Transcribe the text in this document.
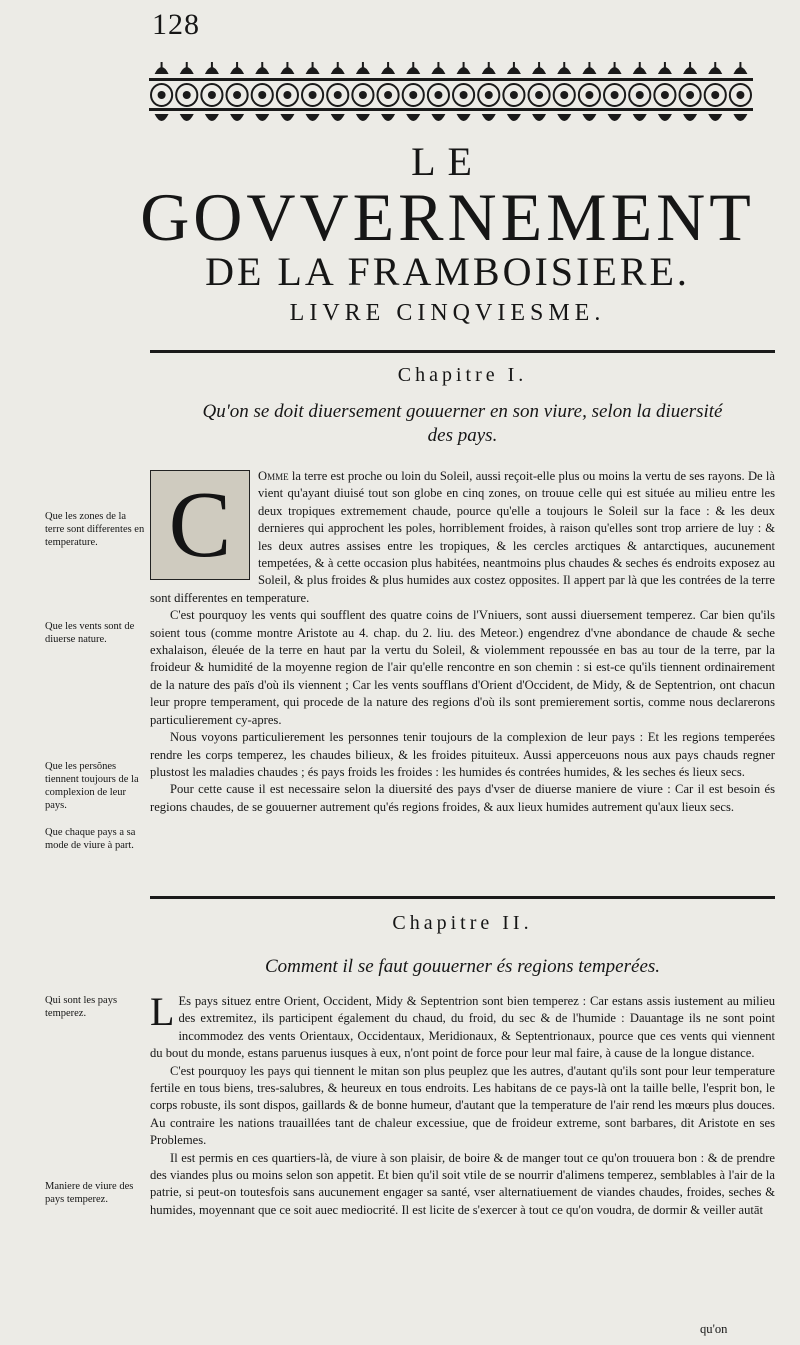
128
LE
GOVVERNEMENT
DE LA FRAMBOISIERE.
LIVRE CINQVIESME.
Chapitre I.
Qu'on se doit diuersement gouuerner en son viure, selon la diuersité
des pays.
Que les zones de la terre sont differentes en temperature.
Que les vents sont de diuerse nature.
Que les persõnes tiennent toujours de la complexion de leur pays.
Que chaque pays a sa mode de viure à part.

C	Omme la terre est proche ou loin du Soleil, aussi reçoit-elle plus ou moins la vertu de ses rayons. De là vient qu'ayant diuisé tout son globe en cinq zones, on trouue celle qui est située au milieu entre les deux tropiques extremement chaude, pource qu'elle a toujours le Soleil sur la face : & les deux dernieres qui approchent les poles, horriblement froides, à raison qu'elles sont trop arriere de luy : & les deux autres assises entre les tropiques, & les cercles arctiques & antarctiques, aucunement tempetées, & à cette occasion plus habitées, neantmoins plus chaudes & seches és endroits exposez au Soleil, & plus froides & plus humides aux costez opposites. Il appert par là que les contrées de la terre sont differentes en temperature.

C'est pourquoy les vents qui soufflent des quatre coins de l'Vniuers, sont aussi diuersement temperez. Car bien qu'ils soient tous (comme montre Aristote au 4. chap. du 2. liu. des Meteor.) engendrez d'vne abondance de chaude & seche exhalaison, éleuée de la terre en haut par la vertu du Soleil, & violemment repoussée en bas au tour de la terre, par la froideur & humidité de la moyenne region de l'air qu'elle rencontre en son chemin : si est-ce qu'ils tiennent ordinairement de la nature des païs d'où ils viennent ; Car les vents soufflans d'Orient d'Occident, de Midy, & de Septentrion, ont chacun leur propre temperament, qui procede de la nature des regions d'où ils sont premierement sortis, comme nous declarerons particulierement cy-apres.

Nous voyons particulierement les personnes tenir toujours de la complexion de leur pays : Et les regions temperées rendre les corps temperez, les chaudes bilieux, & les froides pituiteux. Aussi apperceuons nous aux pays chauds regner plustost les maladies chaudes ; és pays froids les froides : les humides és contrées humides, & les seches és lieux secs.

Pour cette cause il est necessaire selon la diuersité des pays d'vser de diuerse maniere de viure : Car il est besoin és regions chaudes, de se gouuerner autrement qu'és regions froides, & aux lieux humides autrement qu'aux lieux secs.

Chapitre II.
Comment il se faut gouuerner és regions temperées.
Qui sont les pays temperez.
Maniere de viure des pays temperez.

L Es pays situez entre Orient, Occident, Midy & Septentrion sont bien temperez : Car estans assis iustement au milieu des extremitez, ils participent également du chaud, du froid, du sec & de l'humide : Dauantage ils ne sont point incommodez des vents Orientaux, Occidentaux, Meridionaux, & Septentrionaux, pource que ces vents qui viennent du bout du monde, estans paruenus iusques à eux, n'ont point de force pour leur mal faire, à cause de la longue distance.

C'est pourquoy les pays qui tiennent le mitan son plus peuplez que les autres, d'autant qu'ils sont pour leur temperature fertile en tous biens, tres-salubres, & heureux en tous endroits. Les habitans de ce pays-là ont la taille belle, l'esprit bon, le corps robuste, ils sont dispos, gaillards & de bonne humeur, d'autant que la temperature de l'air rend les mœurs plus douces. Au contraire les nations trauaillées tant de chaleur excessiue, que de froideur extreme, sont barbares, dit Aristote en ses Problemes.

Il est permis en ces quartiers-là, de viure à son plaisir, de boire & de manger tout ce qu'on trouuera bon : & de prendre des viandes plus ou moins selon son appetit. Et bien qu'il soit vtile de se nourrir d'alimens temperez, semblables à l'air de la patrie, si peut-on toutesfois sans aucunement engager sa santé, vser alternatiuement de viandes chaudes, froides, seches & humides, moyennant que ce soit auec mediocrité. Il est licite de s'exercer à tout ce qu'on voudra, de dormir & veiller autāt

qu'on
